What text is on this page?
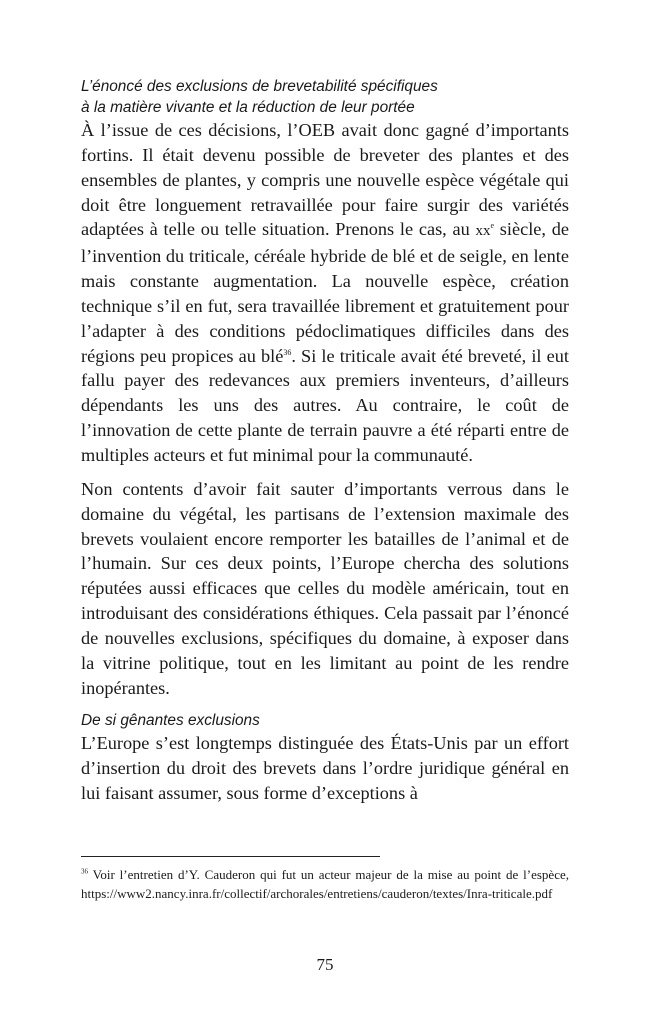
L’énoncé des exclusions de brevetabilité spécifiques
à la matière vivante et la réduction de leur portée

À l’issue de ces décisions, l’OEB avait donc gagné d’importants fortins. Il était devenu possible de breveter des plantes et des ensembles de plantes, y compris une nouvelle espèce végétale qui doit être longuement retravaillée pour faire surgir des variétés adaptées à telle ou telle situation. Prenons le cas, au $xx^e$ siècle, de l’invention du triticale, céréale hybride de blé et de seigle, en lente mais constante augmentation. La nouvelle espèce, création technique s’il en fut, sera travaillée librement et gratuitement pour l’adapter à des conditions pédoclimatiques difficiles dans des régions peu propices au blé$^{36}$. Si le triticale avait été breveté, il eut fallu payer des redevances aux premiers inventeurs, d’ailleurs dépendants les uns des autres. Au contraire, le coût de l’innovation de cette plante de terrain pauvre a été réparti entre de multiples acteurs et fut minimal pour la communauté.

Non contents d’avoir fait sauter d’importants verrous dans le domaine du végétal, les partisans de l’extension maximale des brevets voulaient encore remporter les batailles de l’animal et de l’humain. Sur ces deux points, l’Europe chercha des solutions réputées aussi efficaces que celles du modèle américain, tout en introduisant des considérations éthiques. Cela passait par l’énoncé de nouvelles exclusions, spécifiques du domaine, à exposer dans la vitrine politique, tout en les limitant au point de les rendre inopérantes.

De si gênantes exclusions

L’Europe s’est longtemps distinguée des États-Unis par un effort d’insertion du droit des brevets dans l’ordre juridique général en lui faisant assumer, sous forme d’exceptions à

$^{36}$ Voir l’entretien d’Y. Cauderon qui fut un acteur majeur de la mise au point de l’espèce, https://www2.nancy.inra.fr/collectif/archorales/entretiens/cauderon/textes/Inra-triticale.pdf

75
